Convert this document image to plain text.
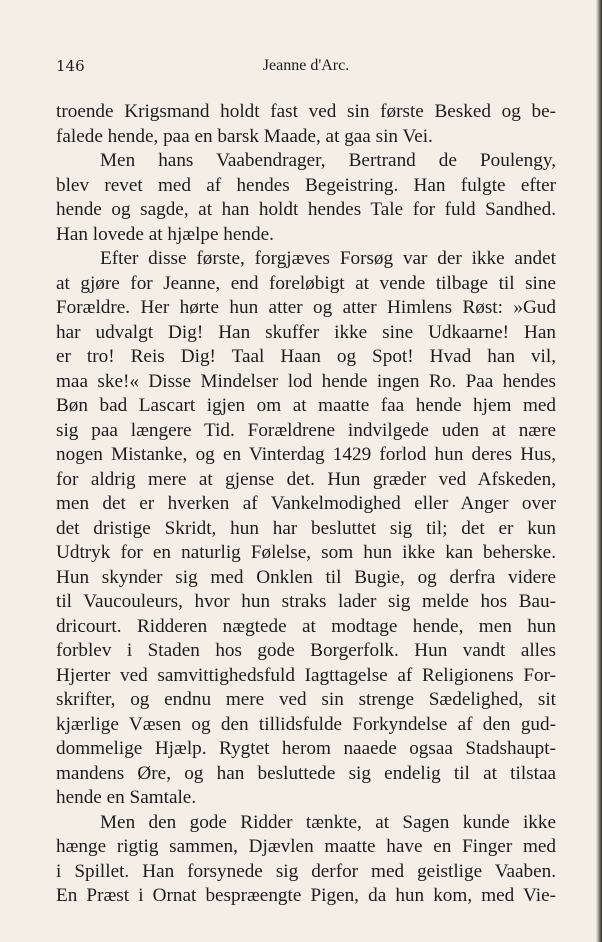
146	Jeanne d'Arc.
troende Krigsmand holdt fast ved sin første Besked og be-
falede hende, paa en barsk Maade, at gaa sin Vei.
Men hans Vaabendrager, Bertrand de Poulengy,
blev revet med af hendes Begeistring. Han fulgte efter
hende og sagde, at han holdt hendes Tale for fuld Sandhed.
Han lovede at hjælpe hende.
Efter disse første, forgjæves Forsøg var der ikke andet
at gjøre for Jeanne, end foreløbigt at vende tilbage til sine
Forældre. Her hørte hun atter og atter Himlens Røst: »Gud
har udvalgt Dig! Han skuffer ikke sine Udkaarne! Han
er tro! Reis Dig! Taal Haan og Spot! Hvad han vil,
maa ske!« Disse Mindelser lod hende ingen Ro. Paa hendes
Bøn bad Lascart igjen om at maatte faa hende hjem med
sig paa længere Tid. Forældrene indvilgede uden at nære
nogen Mistanke, og en Vinterdag 1429 forlod hun deres Hus,
for aldrig mere at gjense det. Hun græder ved Afskeden,
men det er hverken af Vankelmodighed eller Anger over
det dristige Skridt, hun har besluttet sig til; det er kun
Udtryk for en naturlig Følelse, som hun ikke kan beherske.
Hun skynder sig med Onklen til Bugie, og derfra videre
til Vaucouleurs, hvor hun straks lader sig melde hos Bau-
dricourt. Ridderen nægtede at modtage hende, men hun
forblev i Staden hos gode Borgerfolk. Hun vandt alles
Hjerter ved samvittighedsfuld Iagttagelse af Religionens For-
skrifter, og endnu mere ved sin strenge Sædelighed, sit
kjærlige Væsen og den tillidsfulde Forkyndelse af den gud-
dommelige Hjælp. Rygtet herom naaede ogsaa Stadshaupt-
mandens Øre, og han besluttede sig endelig til at tilstaa
hende en Samtale.
Men den gode Ridder tænkte, at Sagen kunde ikke
hænge rigtig sammen, Djævlen maatte have en Finger med
i Spillet. Han forsynede sig derfor med geistlige Vaaben.
En Præst i Ornat bespræengte Pigen, da hun kom, med Vie-
